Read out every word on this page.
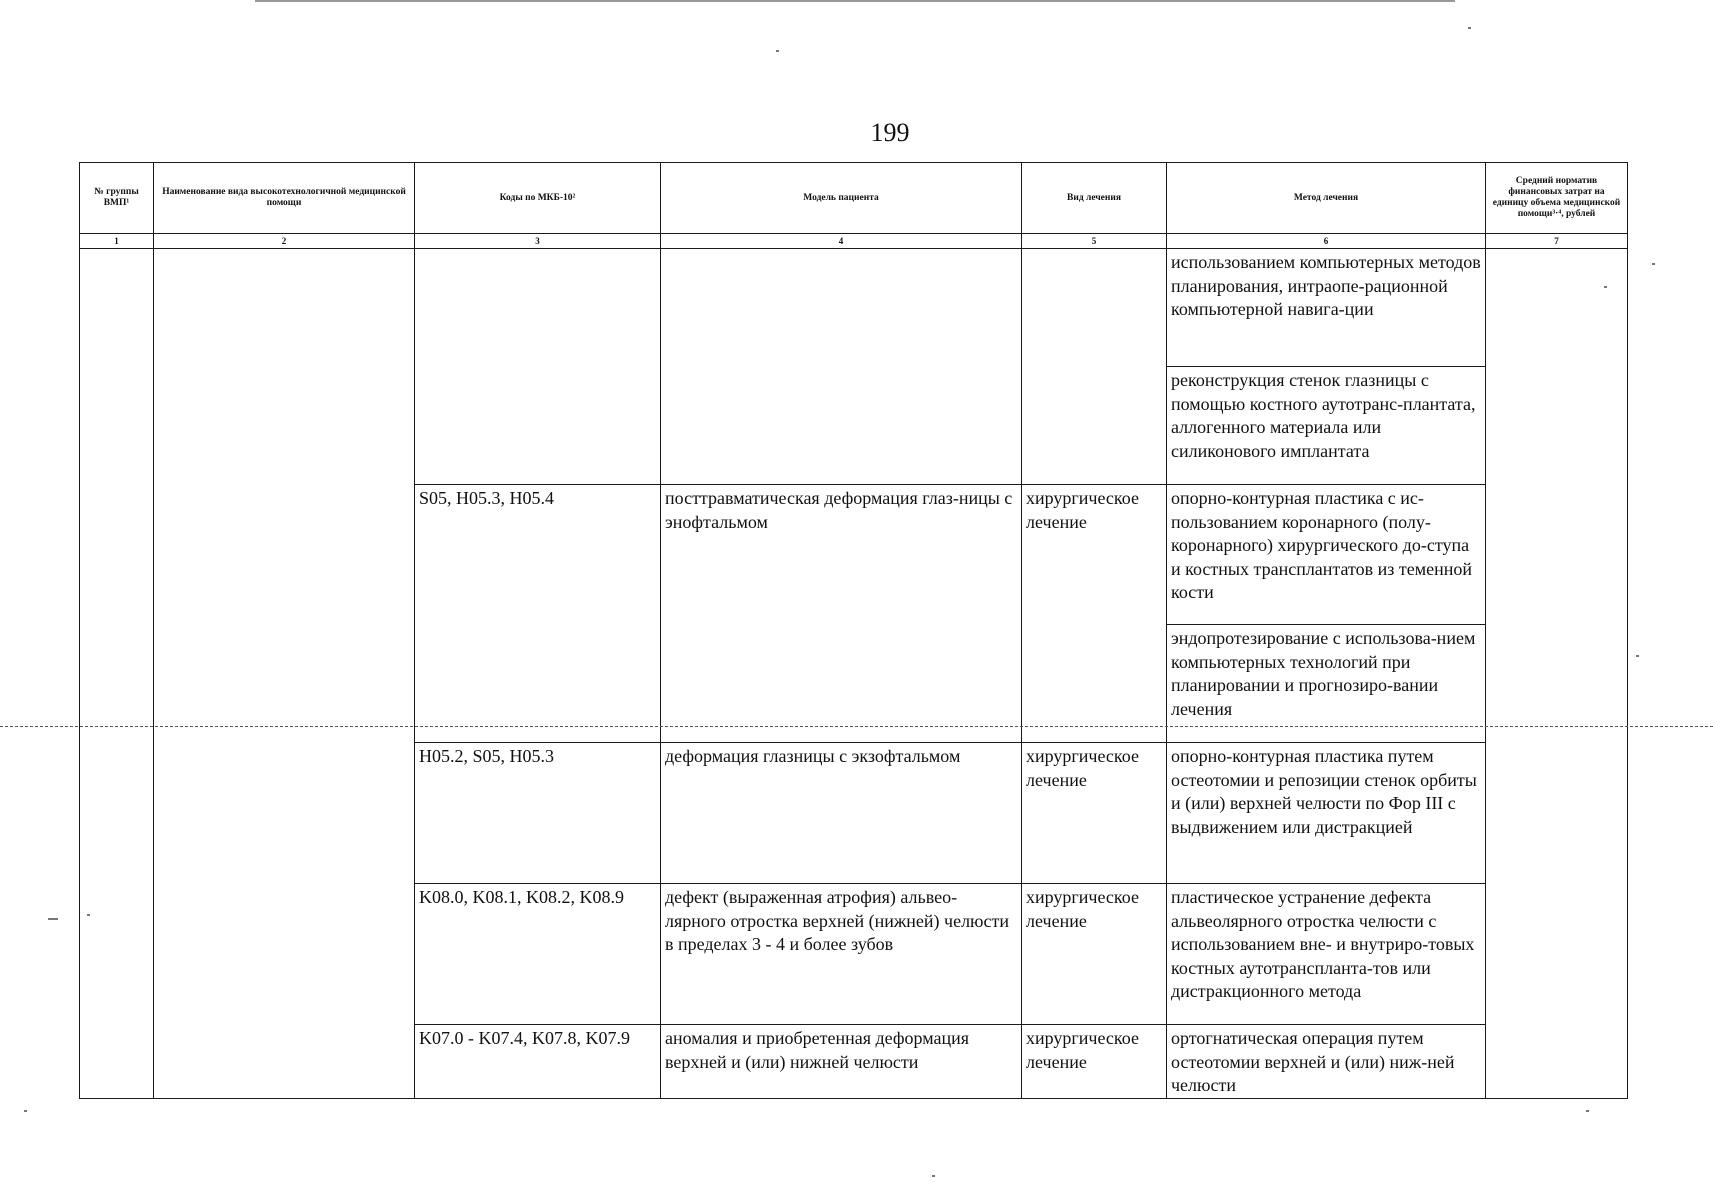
199
№ группы ВМП¹	Наименование вида высокотехнологичной медицинской помощи	Коды по МКБ-10²	Модель пациента	Вид лечения	Метод лечения	Средний норматив финансовых затрат на единицу объема медицинской помощи³·⁴, рублей
1	2	3	4	5	6	7

					использованием компьютерных методов планирования, интраопе-рационной компьютерной навига-ции	

					реконструкция стенок глазницы с помощью костного аутотранс-плантата, аллогенного материала или силиконового имплантата	

		S05, H05.3, H05.4	посттравматическая деформация глаз-ницы с энофтальмом	хирургическое лечение	опорно-контурная пластика с ис-пользованием коронарного (полу-коронарного) хирургического до-ступа и костных трансплантатов из теменной кости	

					эндопротезирование с использова-нием компьютерных технологий при планировании и прогнозиро-вании лечения	

		H05.2, S05, H05.3	деформация глазницы с экзофтальмом	хирургическое лечение	опорно-контурная пластика путем остеотомии и репозиции стенок орбиты и (или) верхней челюсти по Фор III с выдвижением или дистракцией	

		K08.0, K08.1, K08.2, K08.9	дефект (выраженная атрофия) альвео-лярного отростка верхней (нижней) челюсти в пределах 3 - 4 и более зубов	хирургическое лечение	пластическое устранение дефекта альвеолярного отростка челюсти с использованием вне- и внутриро-товых костных аутотранспланта-тов или дистракционного метода	

		K07.0 - K07.4, K07.8, K07.9	аномалия и приобретенная деформация верхней и (или) нижней челюсти	хирургическое лечение	ортогнатическая операция путем остеотомии верхней и (или) ниж-ней челюсти	
